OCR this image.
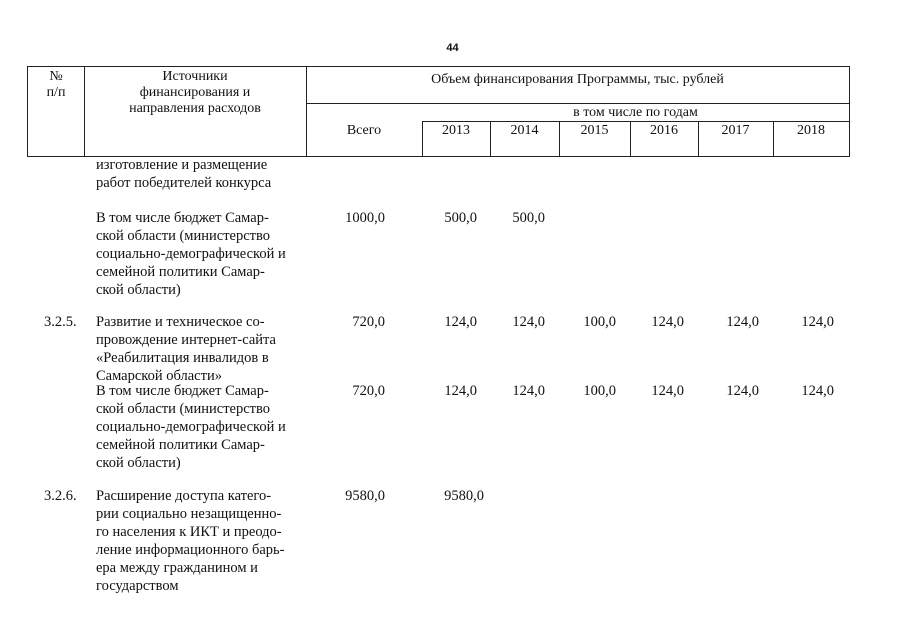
44
№
п/п
Источники
финансирования и
направления расходов
Объем финансирования Программы, тыс. рублей
в том числе по годам
Всего	2013	2014	2015	2016	2017	2018
изготовление и размещение
работ победителей конкурса
В том числе бюджет Самар-
ской области (министерство
социально-демографической и
семейной политики Самар-
ской области)
1000,0	500,0	500,0
3.2.5. Развитие и техническое со-
провождение интернет-сайта
«Реабилитация инвалидов в
Самарской области»
720,0	124,0	124,0	100,0	124,0	124,0	124,0
В том числе бюджет Самар-
ской области (министерство
социально-демографической и
семейной политики Самар-
ской области)
720,0	124,0	124,0	100,0	124,0	124,0	124,0
3.2.6. Расширение доступа катего-
рии социально незащищенно-
го населения к ИКТ и преодо-
ление информационного барь-
ера между гражданином и
государством
9580,0	9580,0
